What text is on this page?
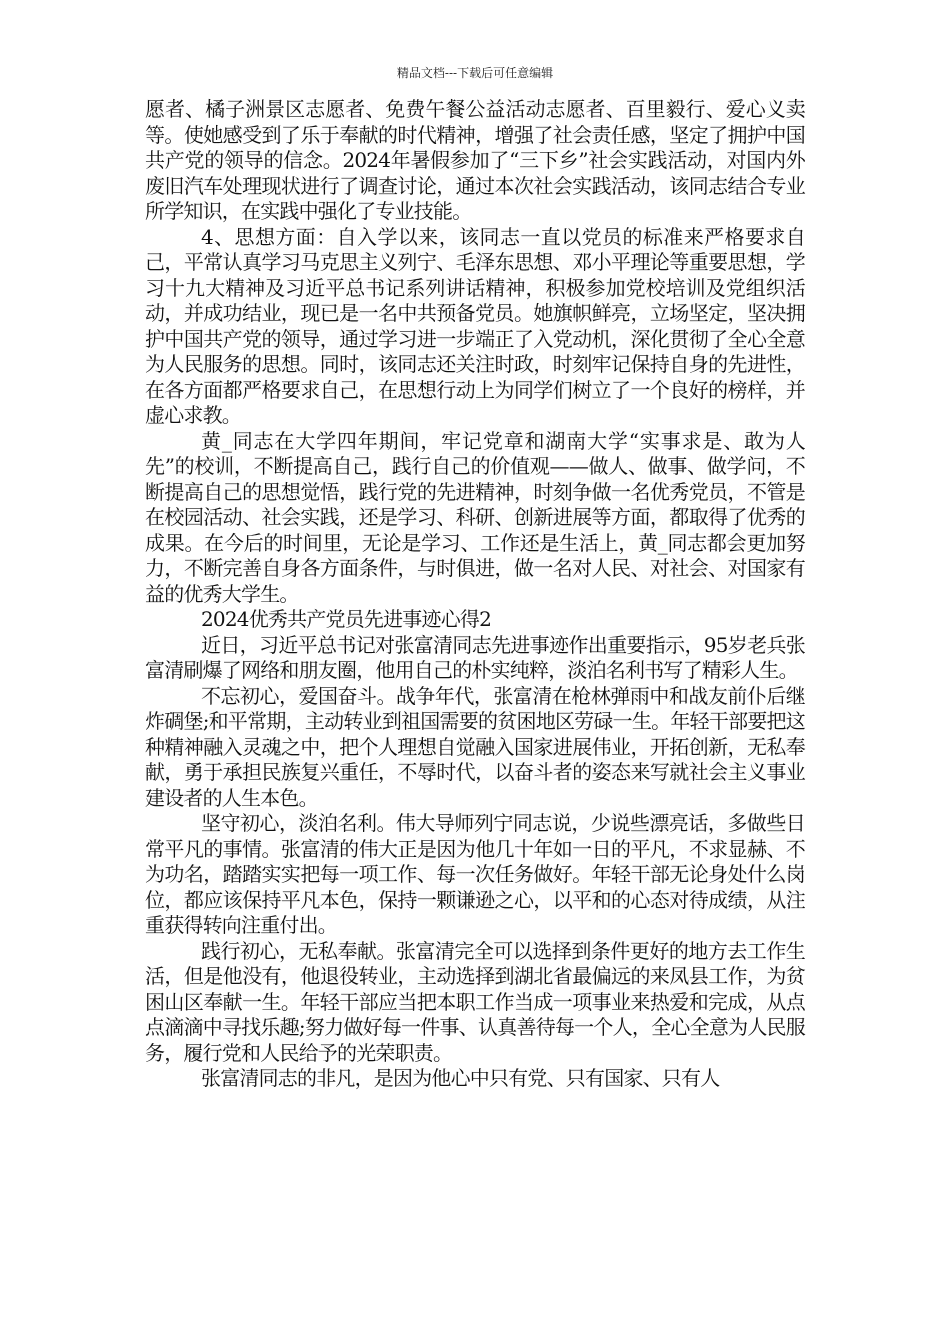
精品文档---下载后可任意编辑

愿者、橘子洲景区志愿者、免费午餐公益活动志愿者、百里毅行、爱心义卖等。使她感受到了乐于奉献的时代精神，增强了社会责任感，坚定了拥护中国共产党的领导的信念。2024年暑假参加了“三下乡”社会实践活动，对国内外废旧汽车处理现状进行了调查讨论，通过本次社会实践活动，该同志结合专业所学知识，在实践中强化了专业技能。

4、思想方面：自入学以来，该同志一直以党员的标准来严格要求自己，平常认真学习马克思主义列宁、毛泽东思想、邓小平理论等重要思想，学习十九大精神及习近平总书记系列讲话精神，积极参加党校培训及党组织活动，并成功结业，现已是一名中共预备党员。她旗帜鲜亮，立场坚定，坚决拥护中国共产党的领导，通过学习进一步端正了入党动机，深化贯彻了全心全意为人民服务的思想。同时，该同志还关注时政，时刻牢记保持自身的先进性，在各方面都严格要求自己，在思想行动上为同学们树立了一个良好的榜样，并虚心求教。

黄_同志在大学四年期间，牢记党章和湖南大学“实事求是、敢为人先”的校训，不断提高自己，践行自己的价值观——做人、做事、做学问，不断提高自己的思想觉悟，践行党的先进精神，时刻争做一名优秀党员，不管是在校园活动、社会实践，还是学习、科研、创新进展等方面，都取得了优秀的成果。在今后的时间里，无论是学习、工作还是生活上，黄_同志都会更加努力，不断完善自身各方面条件，与时俱进，做一名对人民、对社会、对国家有益的优秀大学生。

2024优秀共产党员先进事迹心得2

近日，习近平总书记对张富清同志先进事迹作出重要指示，95岁老兵张富清刷爆了网络和朋友圈，他用自己的朴实纯粹，淡泊名利书写了精彩人生。

不忘初心，爱国奋斗。战争年代，张富清在枪林弹雨中和战友前仆后继炸碉堡;和平常期，主动转业到祖国需要的贫困地区劳碌一生。年轻干部要把这种精神融入灵魂之中，把个人理想自觉融入国家进展伟业，开拓创新，无私奉献，勇于承担民族复兴重任，不辱时代，以奋斗者的姿态来写就社会主义事业建设者的人生本色。

坚守初心，淡泊名利。伟大导师列宁同志说，少说些漂亮话，多做些日常平凡的事情。张富清的伟大正是因为他几十年如一日的平凡，不求显赫、不为功名，踏踏实实把每一项工作、每一次任务做好。年轻干部无论身处什么岗位，都应该保持平凡本色，保持一颗谦逊之心，以平和的心态对待成绩，从注重获得转向注重付出。

践行初心，无私奉献。张富清完全可以选择到条件更好的地方去工作生活，但是他没有，他退役转业，主动选择到湖北省最偏远的来凤县工作，为贫困山区奉献一生。年轻干部应当把本职工作当成一项事业来热爱和完成，从点点滴滴中寻找乐趣;努力做好每一件事、认真善待每一个人，全心全意为人民服务，履行党和人民给予的光荣职责。

张富清同志的非凡，是因为他心中只有党、只有国家、只有人
